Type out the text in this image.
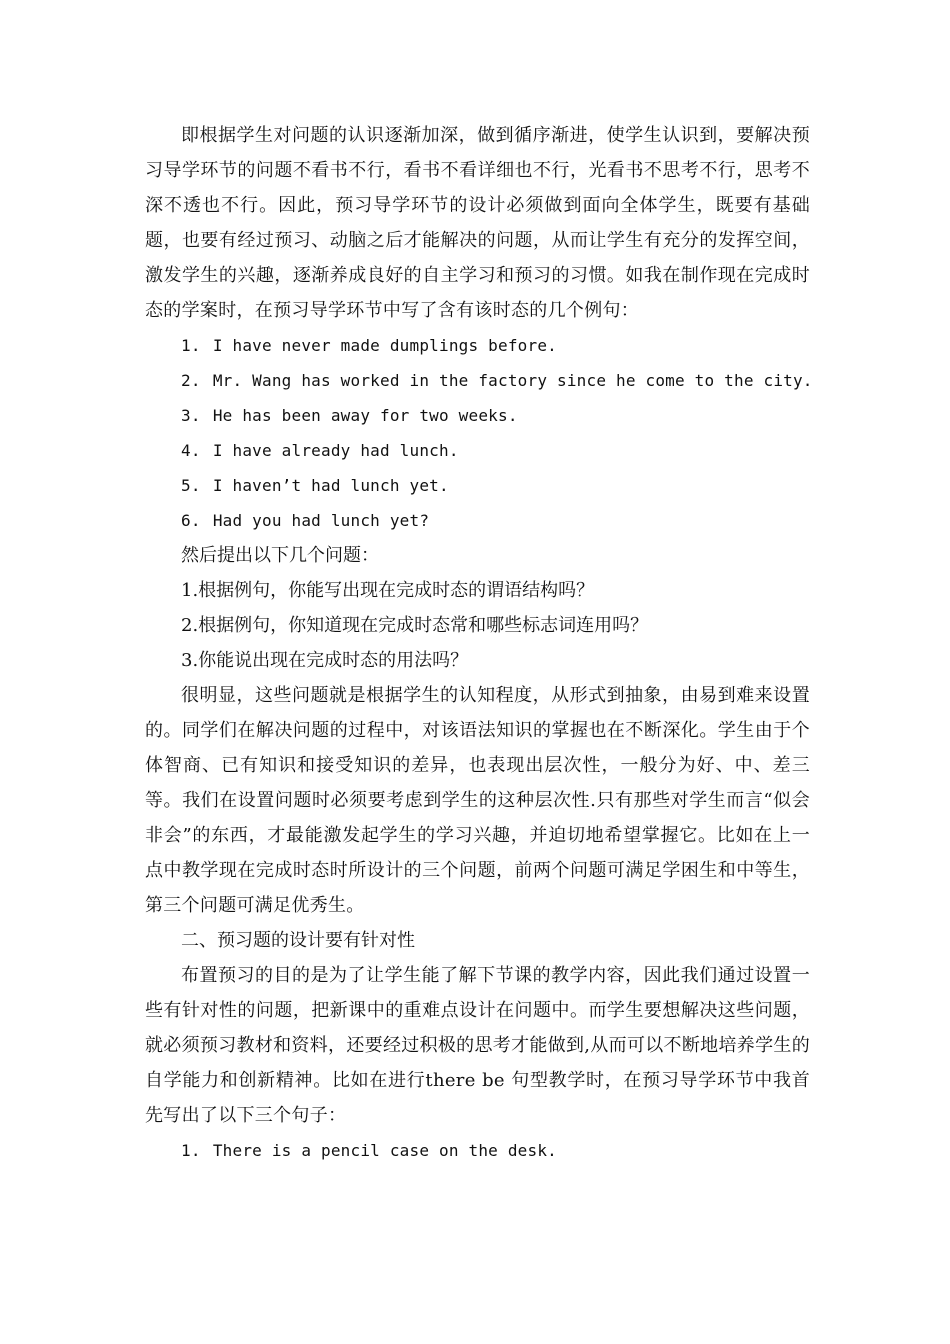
即根据学生对问题的认识逐渐加深，做到循序渐进，使学生认识到，要解决预习导学环节的问题不看书不行，看书不看详细也不行，光看书不思考不行，思考不深不透也不行。因此，预习导学环节的设计必须做到面向全体学生，既要有基础题，也要有经过预习、动脑之后才能解决的问题，从而让学生有充分的发挥空间，激发学生的兴趣，逐渐养成良好的自主学习和预习的习惯。如我在制作现在完成时态的学案时，在预习导学环节中写了含有该时态的几个例句：

1. I have never made dumplings before.

2. Mr. Wang has worked in the factory since he come to the city.

3. He has been away for two weeks.

4. I have already had lunch.

5. I haven’t had lunch yet.

6. Had you had lunch yet?

然后提出以下几个问题：

1.根据例句，你能写出现在完成时态的谓语结构吗？

2.根据例句，你知道现在完成时态常和哪些标志词连用吗？

3.你能说出现在完成时态的用法吗？

很明显，这些问题就是根据学生的认知程度，从形式到抽象，由易到难来设置的。同学们在解决问题的过程中，对该语法知识的掌握也在不断深化。学生由于个体智商、已有知识和接受知识的差异，也表现出层次性，一般分为好、中、差三等。我们在设置问题时必须要考虑到学生的这种层次性.只有那些对学生而言“似会非会”的东西，才最能激发起学生的学习兴趣，并迫切地希望掌握它。比如在上一点中教学现在完成时态时所设计的三个问题，前两个问题可满足学困生和中等生，第三个问题可满足优秀生。

二、预习题的设计要有针对性

布置预习的目的是为了让学生能了解下节课的教学内容，因此我们通过设置一些有针对性的问题，把新课中的重难点设计在问题中。而学生要想解决这些问题，就必须预习教材和资料，还要经过积极的思考才能做到,从而可以不断地培养学生的自学能力和创新精神。比如在进行there be 句型教学时，在预习导学环节中我首先写出了以下三个句子：

1. There is a pencil case on the desk.
